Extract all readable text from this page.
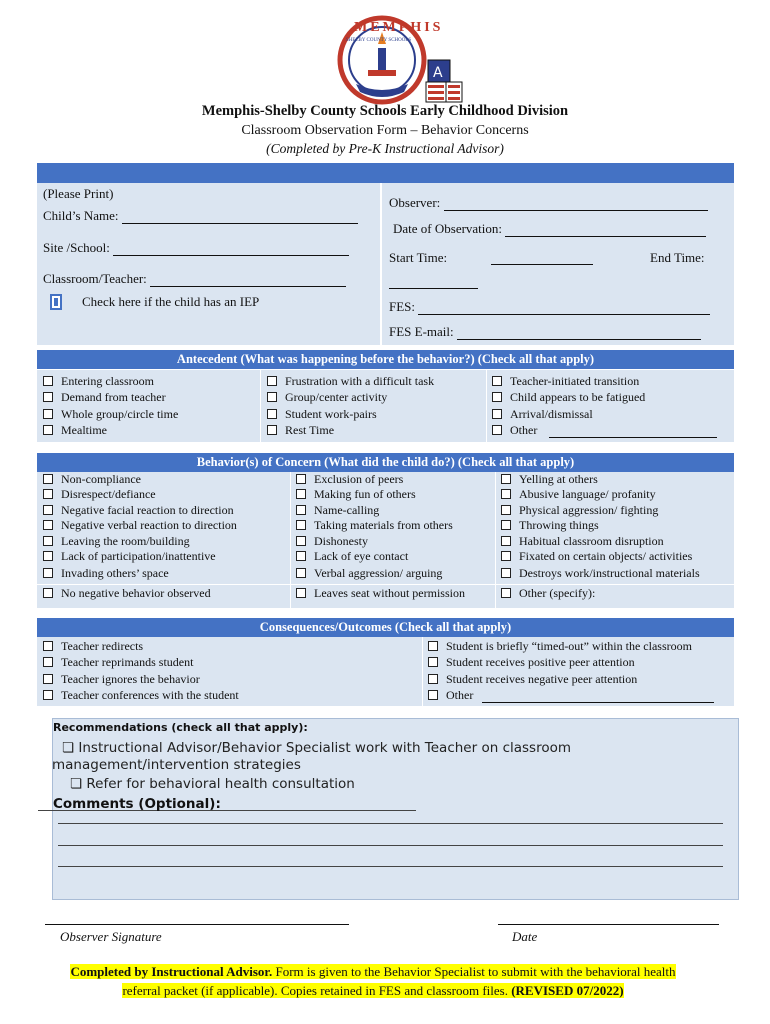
MEMPHIS
SHELBY COUNTY SCHOOLS
A
Memphis-Shelby County Schools Early Childhood Division
Classroom Observation Form – Behavior Concerns
(Completed by Pre-K Instructional Advisor)
(Please Print)
Child’s Name:
Site /School:
Classroom/Teacher:
Check here if the child has an IEP
Observer:
Date of Observation:
Start Time:	End Time:
FES:
FES E-mail:
Antecedent (What was happening before the behavior?) (Check all that apply)
Entering classroom
Demand from teacher
Whole group/circle time
Mealtime
Frustration with a difficult task
Group/center activity
Student work-pairs
Rest Time
Teacher-initiated transition
Child appears to be fatigued
Arrival/dismissal
Other
Behavior(s) of Concern (What did the child do?) (Check all that apply)
Non-compliance
Disrespect/defiance
Negative facial reaction to direction
Negative verbal reaction to direction
Leaving the room/building
Lack of participation/inattentive
Invading others’ space
No negative behavior observed
Exclusion of peers
Making fun of others
Name-calling
Taking materials from others
Dishonesty
Lack of eye contact
Verbal aggression/ arguing
Leaves seat without permission
Yelling at others
Abusive language/ profanity
Physical aggression/ fighting
Throwing things
Habitual classroom disruption
Fixated on certain objects/ activities
Destroys work/instructional materials
Other (specify):
Consequences/Outcomes (Check all that apply)
Teacher redirects
Teacher reprimands student
Teacher ignores the behavior
Teacher conferences with the student
Student is briefly “timed-out” within the classroom
Student receives positive peer attention
Student receives negative peer attention
Other
Recommendations (check all that apply):
❏ Instructional Advisor/Behavior Specialist work with Teacher on classroom
management/intervention strategies
❏ Refer for behavioral health consultation
Comments (Optional):
Observer Signature	Date
Completed by Instructional Advisor. Form is given to the Behavior Specialist to submit with the behavioral health
referral packet (if applicable). Copies retained in FES and classroom files. (REVISED 07/2022)
